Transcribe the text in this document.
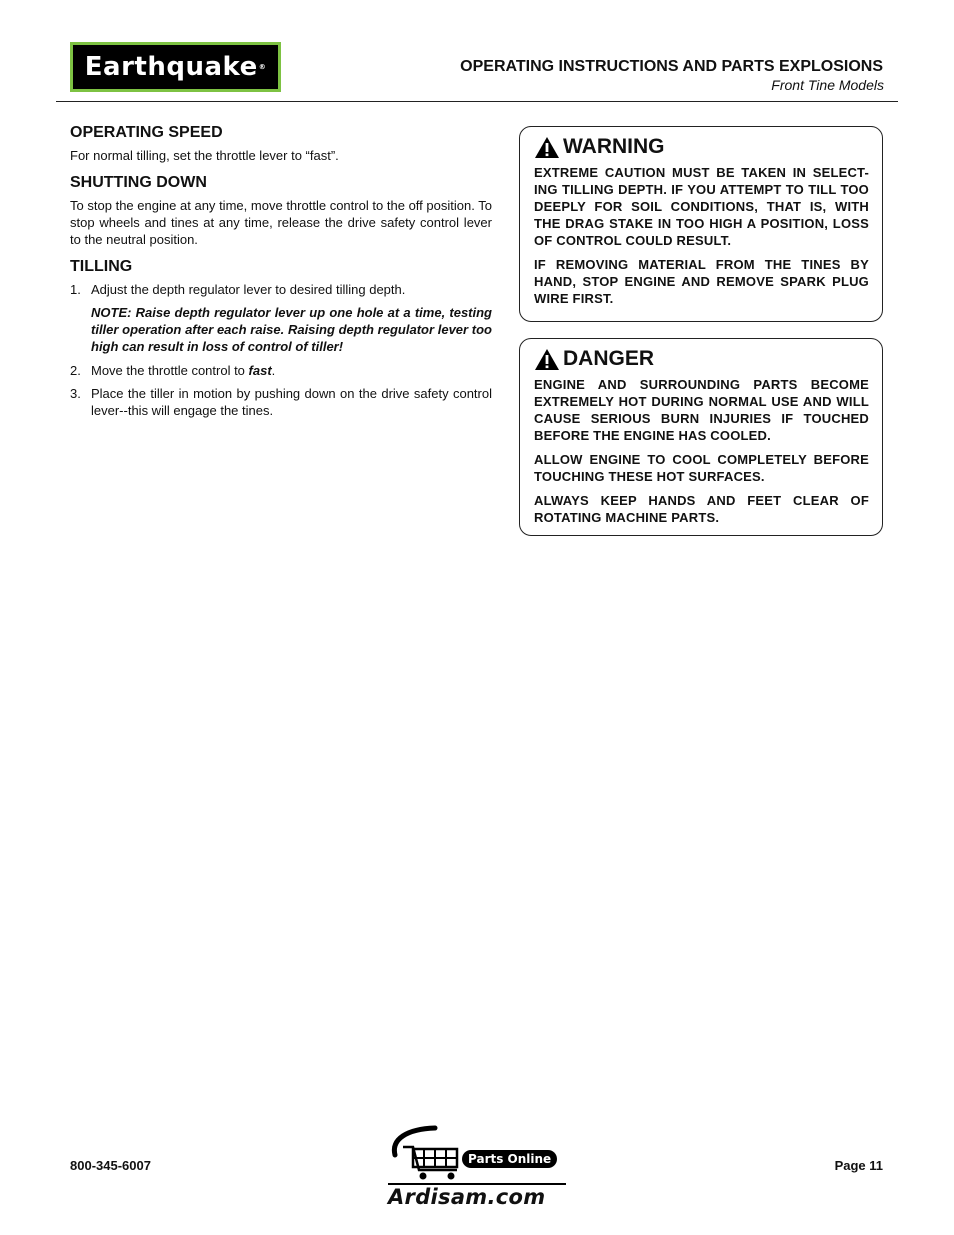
Earthquake ®	OPERATING INSTRUCTIONS AND PARTS EXPLOSIONS
Front Tine Models
OPERATING SPEED

For normal tilling, set the throttle lever to “fast”.

SHUTTING DOWN

To stop the engine at any time, move throttle control to the off position. To stop wheels and tines at any time, release the drive safety control lever to the neutral position.

TILLING
1. Adjust the depth regulator lever to desired tilling depth.

NOTE: Raise depth regulator lever up one hole at a time, testing tiller operation after each raise. Raising depth regulator lever too high can result in loss of control of tiller!

2. Move the throttle control to fast.
3. Place the tiller in motion by pushing down on the drive safety control lever--this will engage the tines.
WARNING

EXTREME CAUTION MUST BE TAKEN IN SELECT-ING TILLING DEPTH. IF YOU ATTEMPT TO TILL TOO DEEPLY FOR SOIL CONDITIONS, THAT IS, WITH THE DRAG STAKE IN TOO HIGH A POSITION, LOSS OF CONTROL COULD RESULT.

IF REMOVING MATERIAL FROM THE TINES BY HAND, STOP ENGINE AND REMOVE SPARK PLUG WIRE FIRST.

DANGER

ENGINE AND SURROUNDING PARTS BECOME EXTREMELY HOT DURING NORMAL USE AND WILL CAUSE SERIOUS BURN INJURIES IF TOUCHED BEFORE THE ENGINE HAS COOLED.

ALLOW ENGINE TO COOL COMPLETELY BEFORE TOUCHING THESE HOT SURFACES.

ALWAYS KEEP HANDS AND FEET CLEAR OF ROTATING MACHINE PARTS.

800-345-6007	Parts Online
Ardisam.com
Page 11
